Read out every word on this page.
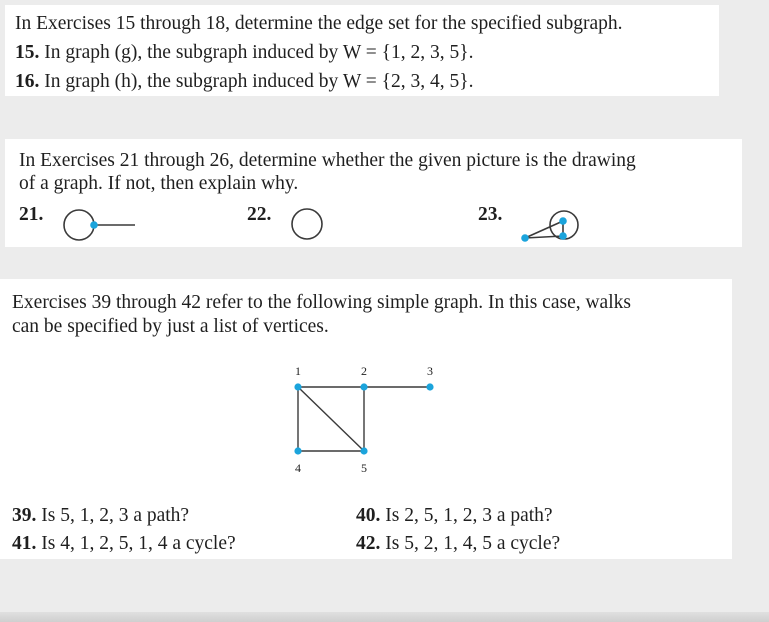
In Exercises 15 through 18, determine the edge set for the specified subgraph.
15. In graph (g), the subgraph induced by W = {1, 2, 3, 5}.
16. In graph (h), the subgraph induced by W = {2, 3, 4, 5}.
In Exercises 21 through 26, determine whether the given picture is the drawing
of a graph. If not, then explain why.
21.	22.	23.
Exercises 39 through 42 refer to the following simple graph. In this case, walks
can be specified by just a list of vertices.
1	2	3
4	5
39. Is 5, 1, 2, 3 a path?	40. Is 2, 5, 1, 2, 3 a path?
41. Is 4, 1, 2, 5, 1, 4 a cycle?	42. Is 5, 2, 1, 4, 5 a cycle?
